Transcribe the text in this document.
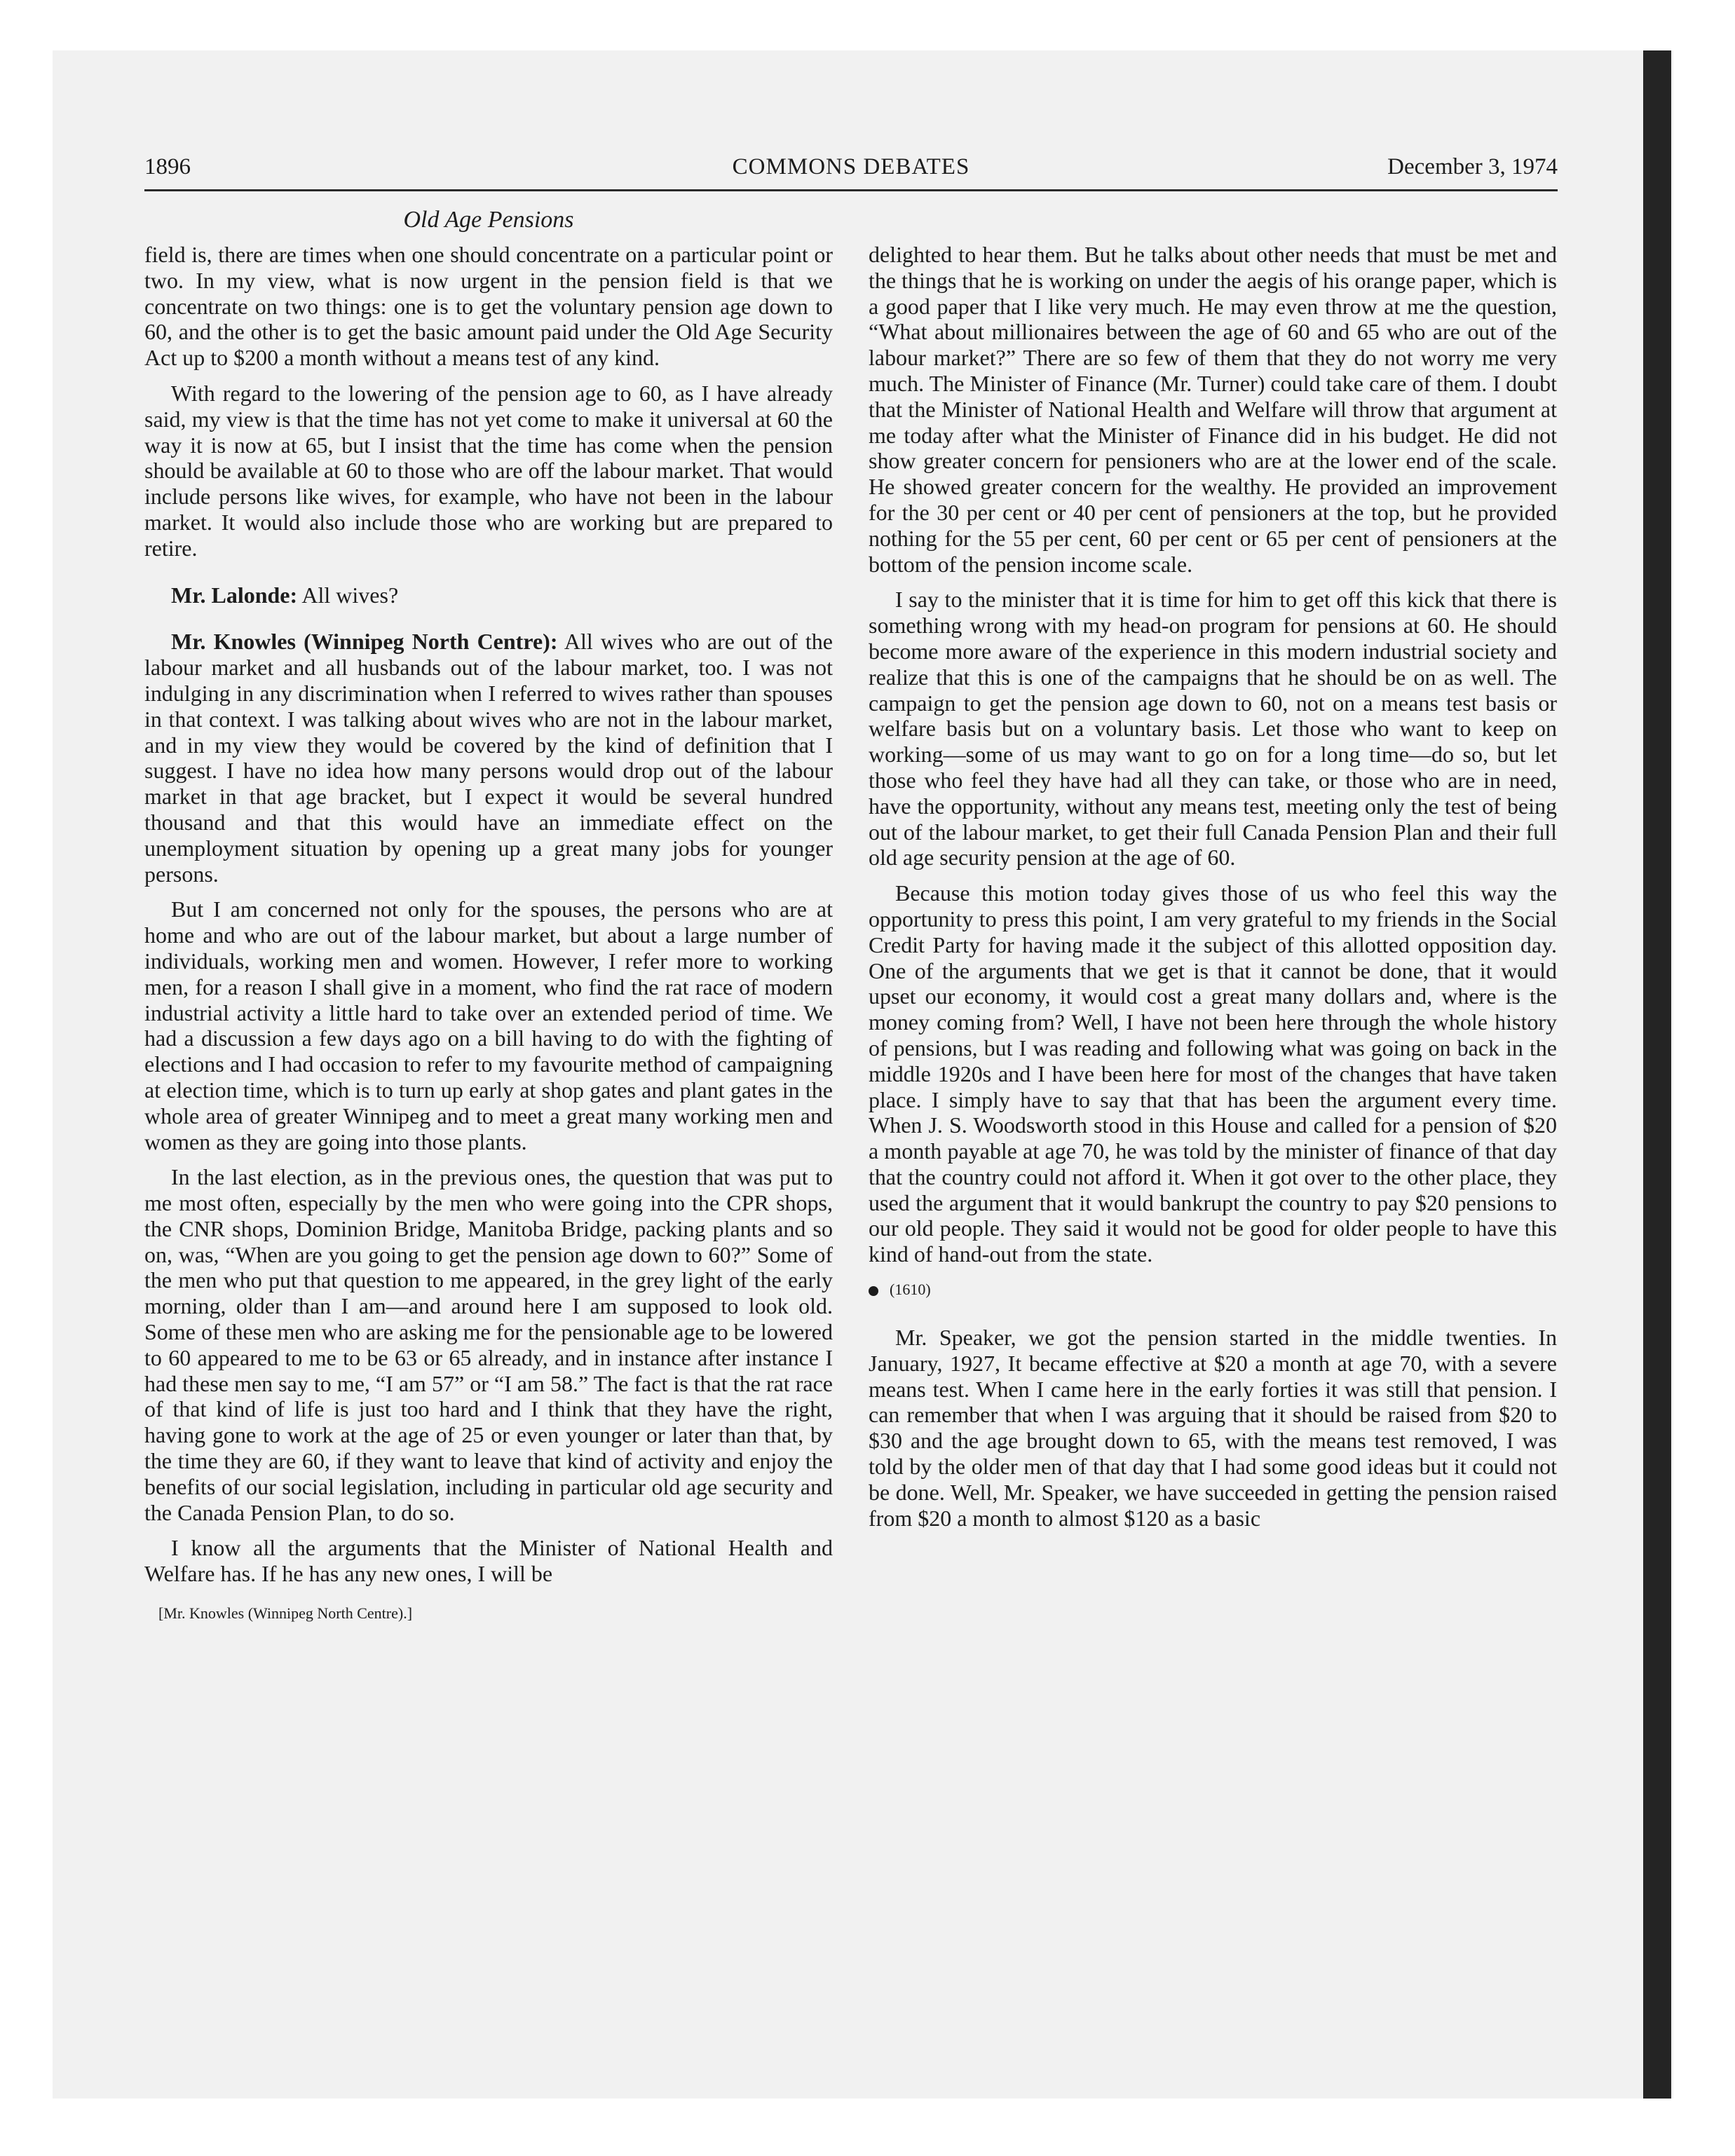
1896	COMMONS DEBATES	December 3, 1974
Old Age Pensions

field is, there are times when one should concentrate on a particular point or two. In my view, what is now urgent in the pension field is that we concentrate on two things: one is to get the voluntary pension age down to 60, and the other is to get the basic amount paid under the Old Age Security Act up to $200 a month without a means test of any kind.

With regard to the lowering of the pension age to 60, as I have already said, my view is that the time has not yet come to make it universal at 60 the way it is now at 65, but I insist that the time has come when the pension should be available at 60 to those who are off the labour market. That would include persons like wives, for example, who have not been in the labour market. It would also include those who are working but are prepared to retire.

Mr. Lalonde: All wives?

Mr. Knowles (Winnipeg North Centre): All wives who are out of the labour market and all husbands out of the labour market, too. I was not indulging in any discrimination when I referred to wives rather than spouses in that context. I was talking about wives who are not in the labour market, and in my view they would be covered by the kind of definition that I suggest. I have no idea how many persons would drop out of the labour market in that age bracket, but I expect it would be several hundred thousand and that this would have an immediate effect on the unemployment situation by opening up a great many jobs for younger persons.

But I am concerned not only for the spouses, the persons who are at home and who are out of the labour market, but about a large number of individuals, working men and women. However, I refer more to working men, for a reason I shall give in a moment, who find the rat race of modern industrial activity a little hard to take over an extended period of time. We had a discussion a few days ago on a bill having to do with the fighting of elections and I had occasion to refer to my favourite method of campaigning at election time, which is to turn up early at shop gates and plant gates in the whole area of greater Winnipeg and to meet a great many working men and women as they are going into those plants.

In the last election, as in the previous ones, the question that was put to me most often, especially by the men who were going into the CPR shops, the CNR shops, Dominion Bridge, Manitoba Bridge, packing plants and so on, was, “When are you going to get the pension age down to 60?” Some of the men who put that question to me appeared, in the grey light of the early morning, older than I am—and around here I am supposed to look old. Some of these men who are asking me for the pensionable age to be lowered to 60 appeared to me to be 63 or 65 already, and in instance after instance I had these men say to me, “I am 57” or “I am 58.” The fact is that the rat race of that kind of life is just too hard and I think that they have the right, having gone to work at the age of 25 or even younger or later than that, by the time they are 60, if they want to leave that kind of activity and enjoy the benefits of our social legislation, including in particular old age security and the Canada Pension Plan, to do so.

I know all the arguments that the Minister of National Health and Welfare has. If he has any new ones, I will be

[Mr. Knowles (Winnipeg North Centre).]

delighted to hear them. But he talks about other needs that must be met and the things that he is working on under the aegis of his orange paper, which is a good paper that I like very much. He may even throw at me the question, “What about millionaires between the age of 60 and 65 who are out of the labour market?” There are so few of them that they do not worry me very much. The Minister of Finance (Mr. Turner) could take care of them. I doubt that the Minister of National Health and Welfare will throw that argument at me today after what the Minister of Finance did in his budget. He did not show greater concern for pensioners who are at the lower end of the scale. He showed greater concern for the wealthy. He provided an improvement for the 30 per cent or 40 per cent of pensioners at the top, but he provided nothing for the 55 per cent, 60 per cent or 65 per cent of pensioners at the bottom of the pension income scale.

I say to the minister that it is time for him to get off this kick that there is something wrong with my head-on program for pensions at 60. He should become more aware of the experience in this modern industrial society and realize that this is one of the campaigns that he should be on as well. The campaign to get the pension age down to 60, not on a means test basis or welfare basis but on a voluntary basis. Let those who want to keep on working—some of us may want to go on for a long time—do so, but let those who feel they have had all they can take, or those who are in need, have the opportunity, without any means test, meeting only the test of being out of the labour market, to get their full Canada Pension Plan and their full old age security pension at the age of 60.

Because this motion today gives those of us who feel this way the opportunity to press this point, I am very grateful to my friends in the Social Credit Party for having made it the subject of this allotted opposition day. One of the arguments that we get is that it cannot be done, that it would upset our economy, it would cost a great many dollars and, where is the money coming from? Well, I have not been here through the whole history of pensions, but I was reading and following what was going on back in the middle 1920s and I have been here for most of the changes that have taken place. I simply have to say that that has been the argument every time. When J. S. Woodsworth stood in this House and called for a pension of $20 a month payable at age 70, he was told by the minister of finance of that day that the country could not afford it. When it got over to the other place, they used the argument that it would bankrupt the country to pay $20 pensions to our old people. They said it would not be good for older people to have this kind of hand-out from the state.

(1610)

Mr. Speaker, we got the pension started in the middle twenties. In January, 1927, It became effective at $20 a month at age 70, with a severe means test. When I came here in the early forties it was still that pension. I can remember that when I was arguing that it should be raised from $20 to $30 and the age brought down to 65, with the means test removed, I was told by the older men of that day that I had some good ideas but it could not be done. Well, Mr. Speaker, we have succeeded in getting the pension raised from $20 a month to almost $120 as a basic
